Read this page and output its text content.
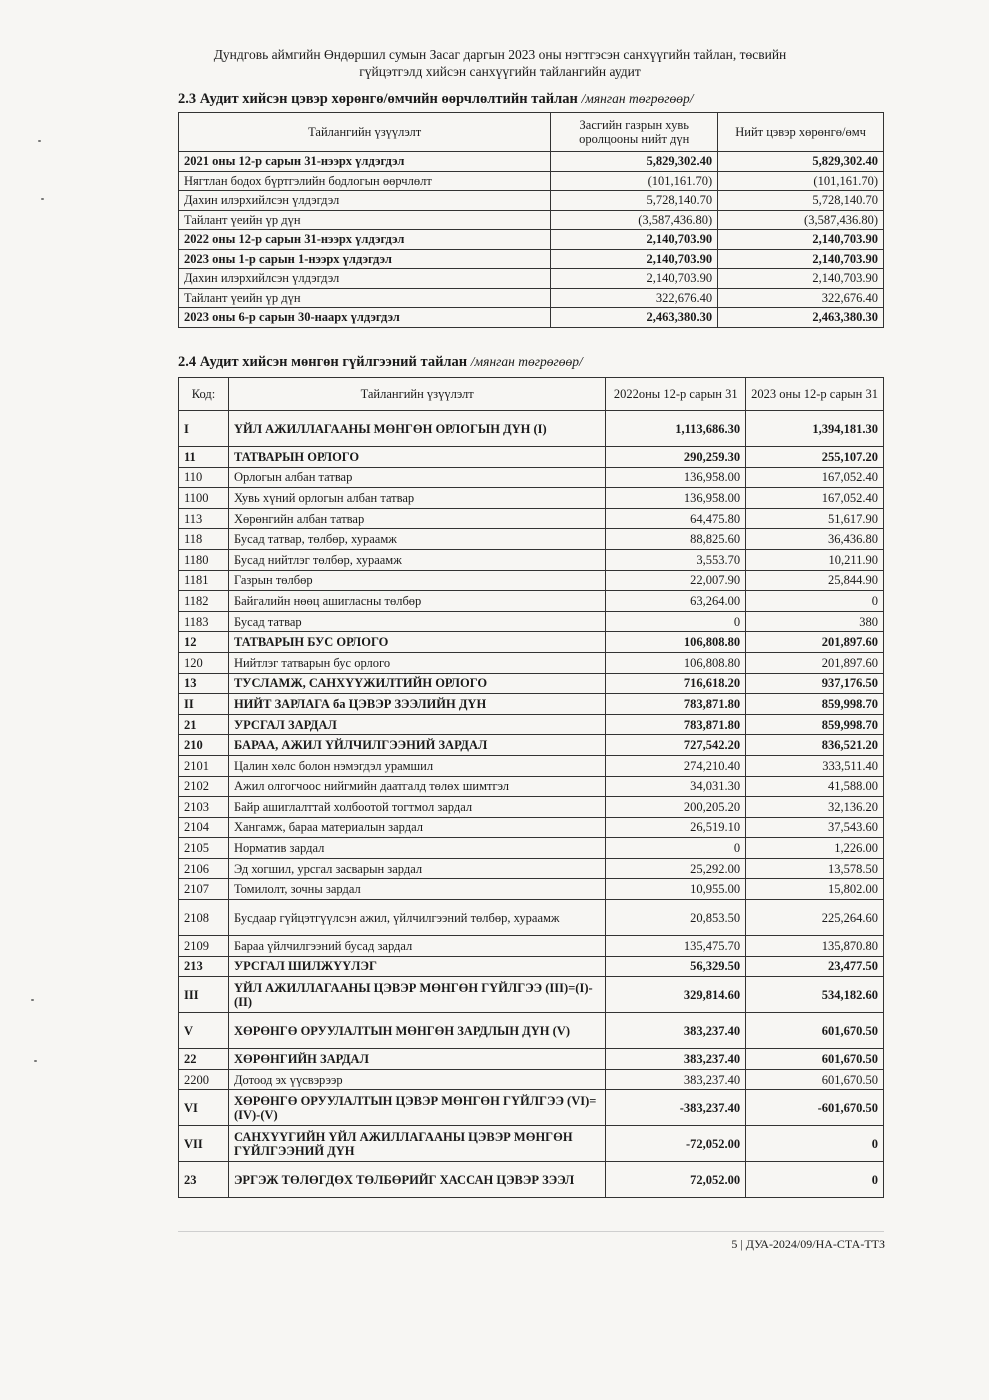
Дундговь аймгийн Өндөршил сумын Засаг даргын 2023 оны нэгтгэсэн санхүүгийн тайлан, төсвийн
гүйцэтгэлд хийсэн санхүүгийн тайлангийн аудит
2.3 Аудит хийсэн цэвэр хөрөнгө/өмчийн өөрчлөлтийн тайлан /мянган төгрөгөөр/
Тайлангийн үзүүлэлт	Засгийн газрын хувь оролцооны нийт дүн	Нийт цэвэр хөрөнгө/өмч
2021 оны 12-р сарын 31-нээрх үлдэгдэл	5,829,302.40	5,829,302.40
Нягтлан бодох бүртгэлийн бодлогын өөрчлөлт	(101,161.70)	(101,161.70)
Дахин илэрхийлсэн үлдэгдэл	5,728,140.70	5,728,140.70
Тайлант үеийн үр дүн	(3,587,436.80)	(3,587,436.80)
2022 оны 12-р сарын 31-нээрх үлдэгдэл	2,140,703.90	2,140,703.90
2023 оны 1-р сарын 1-нээрх үлдэгдэл	2,140,703.90	2,140,703.90
Дахин илэрхийлсэн үлдэгдэл	2,140,703.90	2,140,703.90
Тайлант үеийн үр дүн	322,676.40	322,676.40
2023 оны 6-р сарын 30-наарх үлдэгдэл	2,463,380.30	2,463,380.30
2.4 Аудит хийсэн мөнгөн гүйлгээний тайлан /мянган төгрөгөөр/
Код:	Тайлангийн үзүүлэлт	2022оны 12-р сарын 31	2023 оны 12-р сарын 31
I	ҮЙЛ АЖИЛЛАГААНЫ МӨНГӨН ОРЛОГЫН ДҮН (I)	1,113,686.30	1,394,181.30
11	ТАТВАРЫН ОРЛОГО	290,259.30	255,107.20
110	Орлогын албан татвар	136,958.00	167,052.40
1100	Хувь хүний орлогын албан татвар	136,958.00	167,052.40
113	Хөрөнгийн албан татвар	64,475.80	51,617.90
118	Бусад татвар, төлбөр, хураамж	88,825.60	36,436.80
1180	Бусад нийтлэг төлбөр, хураамж	3,553.70	10,211.90
1181	Газрын төлбөр	22,007.90	25,844.90
1182	Байгалийн нөөц ашигласны төлбөр	63,264.00	0
1183	Бусад татвар	0	380
12	ТАТВАРЫН БУС ОРЛОГО	106,808.80	201,897.60
120	Нийтлэг татварын бус орлого	106,808.80	201,897.60
13	ТУСЛАМЖ, САНХҮҮЖИЛТИЙН ОРЛОГО	716,618.20	937,176.50
II	НИЙТ ЗАРЛАГА ба ЦЭВЭР ЗЭЭЛИЙН ДҮН	783,871.80	859,998.70
21	УРСГАЛ ЗАРДАЛ	783,871.80	859,998.70
210	БАРАА, АЖИЛ ҮЙЛЧИЛГЭЭНИЙ ЗАРДАЛ	727,542.20	836,521.20
2101	Цалин хөлс болон нэмэгдэл урамшил	274,210.40	333,511.40
2102	Ажил олгогчоос нийгмийн даатгалд төлөх шимтгэл	34,031.30	41,588.00
2103	Байр ашиглалттай холбоотой тогтмол зардал	200,205.20	32,136.20
2104	Хангамж, бараа материалын зардал	26,519.10	37,543.60
2105	Норматив зардал	0	1,226.00
2106	Эд хогшил, урсгал засварын зардал	25,292.00	13,578.50
2107	Томилолт, зочны зардал	10,955.00	15,802.00
2108	Бусдаар гүйцэтгүүлсэн ажил, үйлчилгээний төлбөр, хураамж	20,853.50	225,264.60
2109	Бараа үйлчилгээний бусад зардал	135,475.70	135,870.80
213	УРСГАЛ ШИЛЖҮҮЛЭГ	56,329.50	23,477.50
III	ҮЙЛ АЖИЛЛАГААНЫ ЦЭВЭР МӨНГӨН ГҮЙЛГЭЭ (III)=(I)-(II)	329,814.60	534,182.60
V	ХӨРӨНГӨ ОРУУЛАЛТЫН МӨНГӨН ЗАРДЛЫН ДҮН (V)	383,237.40	601,670.50
22	ХӨРӨНГИЙН ЗАРДАЛ	383,237.40	601,670.50
2200	Дотоод эх үүсвэрээр	383,237.40	601,670.50
VI	ХӨРӨНГӨ ОРУУЛАЛТЫН ЦЭВЭР МӨНГӨН ГҮЙЛГЭЭ (VI)=(IV)-(V)	-383,237.40	-601,670.50
VII	САНХҮҮГИЙН ҮЙЛ АЖИЛЛАГААНЫ ЦЭВЭР МӨНГӨН ГҮЙЛГЭЭНИЙ ДҮН	-72,052.00	0
23	ЭРГЭЖ ТӨЛӨГДӨХ ТӨЛБӨРИЙГ ХАССАН ЦЭВЭР ЗЭЭЛ	72,052.00	0
5 | ДУА-2024/09/НА-СТА-ТТЗ
